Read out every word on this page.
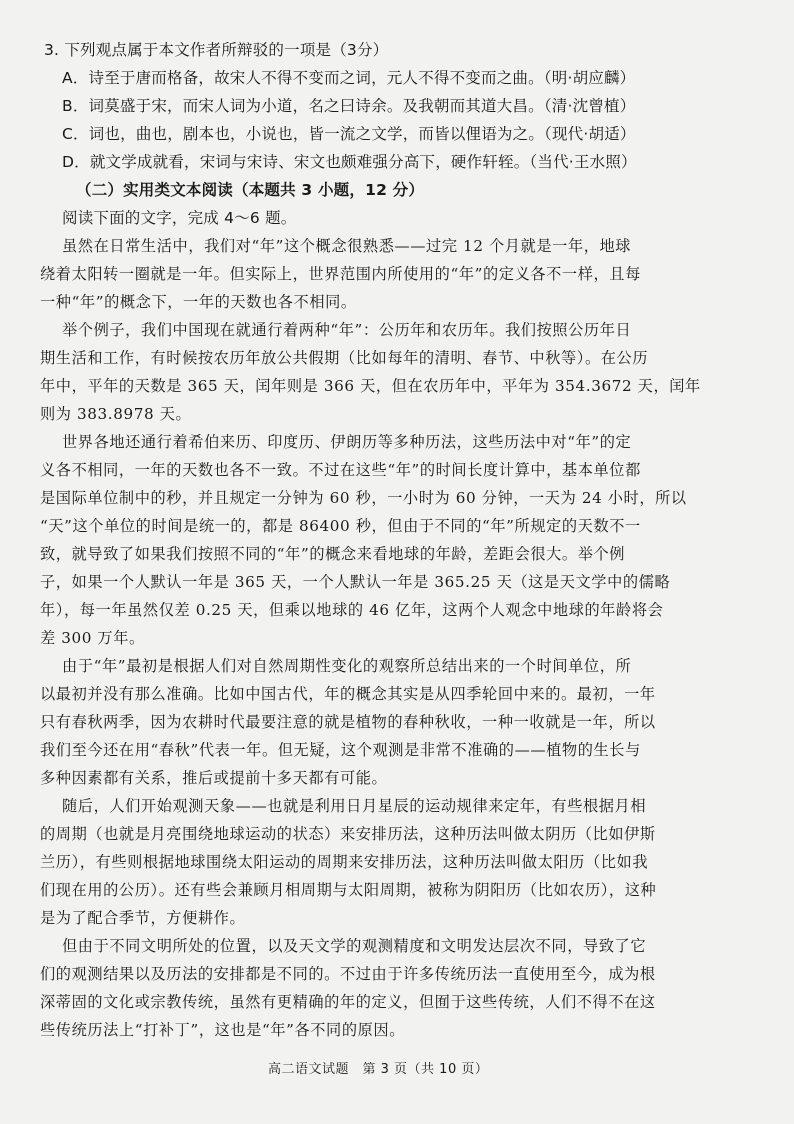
3. 下列观点属于本文作者所辩驳的一项是（3分）
A．诗至于唐而格备，故宋人不得不变而之词，元人不得不变而之曲。（明·胡应麟）
B．词莫盛于宋，而宋人词为小道，名之曰诗余。及我朝而其道大昌。（清·沈曾植）
C．词也，曲也，剧本也，小说也，皆一流之文学，而皆以俚语为之。（现代·胡适）
D．就文学成就看，宋词与宋诗、宋文也颇难强分高下，硬作轩轾。（当代·王水照）
（二）实用类文本阅读（本题共 3 小题，12 分）
阅读下面的文字，完成 4～6 题。
虽然在日常生活中，我们对“年”这个概念很熟悉——过完 12 个月就是一年，地球
绕着太阳转一圈就是一年。但实际上，世界范围内所使用的“年”的定义各不一样，且每
一种“年”的概念下，一年的天数也各不相同。
举个例子，我们中国现在就通行着两种“年”：公历年和农历年。我们按照公历年日
期生活和工作，有时候按农历年放公共假期（比如每年的清明、春节、中秋等）。在公历
年中，平年的天数是 365 天，闰年则是 366 天，但在农历年中，平年为 354.3672 天，闰年
则为 383.8978 天。
世界各地还通行着希伯来历、印度历、伊朗历等多种历法，这些历法中对“年”的定
义各不相同，一年的天数也各不一致。不过在这些“年”的时间长度计算中，基本单位都
是国际单位制中的秒，并且规定一分钟为 60 秒，一小时为 60 分钟，一天为 24 小时，所以
“天”这个单位的时间是统一的，都是 86400 秒，但由于不同的“年”所规定的天数不一
致，就导致了如果我们按照不同的“年”的概念来看地球的年龄，差距会很大。举个例
子，如果一个人默认一年是 365 天，一个人默认一年是 365.25 天（这是天文学中的儒略
年），每一年虽然仅差 0.25 天，但乘以地球的 46 亿年，这两个人观念中地球的年龄将会
差 300 万年。
由于“年”最初是根据人们对自然周期性变化的观察所总结出来的一个时间单位，所
以最初并没有那么准确。比如中国古代，年的概念其实是从四季轮回中来的。最初，一年
只有春秋两季，因为农耕时代最要注意的就是植物的春种秋收，一种一收就是一年，所以
我们至今还在用“春秋”代表一年。但无疑，这个观测是非常不准确的——植物的生长与
多种因素都有关系，推后或提前十多天都有可能。
随后，人们开始观测天象——也就是利用日月星辰的运动规律来定年，有些根据月相
的周期（也就是月亮围绕地球运动的状态）来安排历法，这种历法叫做太阴历（比如伊斯
兰历），有些则根据地球围绕太阳运动的周期来安排历法，这种历法叫做太阳历（比如我
们现在用的公历）。还有些会兼顾月相周期与太阳周期，被称为阴阳历（比如农历），这种
是为了配合季节，方便耕作。
但由于不同文明所处的位置，以及天文学的观测精度和文明发达层次不同，导致了它
们的观测结果以及历法的安排都是不同的。不过由于许多传统历法一直使用至今，成为根
深蒂固的文化或宗教传统，虽然有更精确的年的定义，但囿于这些传统，人们不得不在这
些传统历法上“打补丁”，这也是“年”各不同的原因。
高二语文试题　第 3 页（共 10 页）
